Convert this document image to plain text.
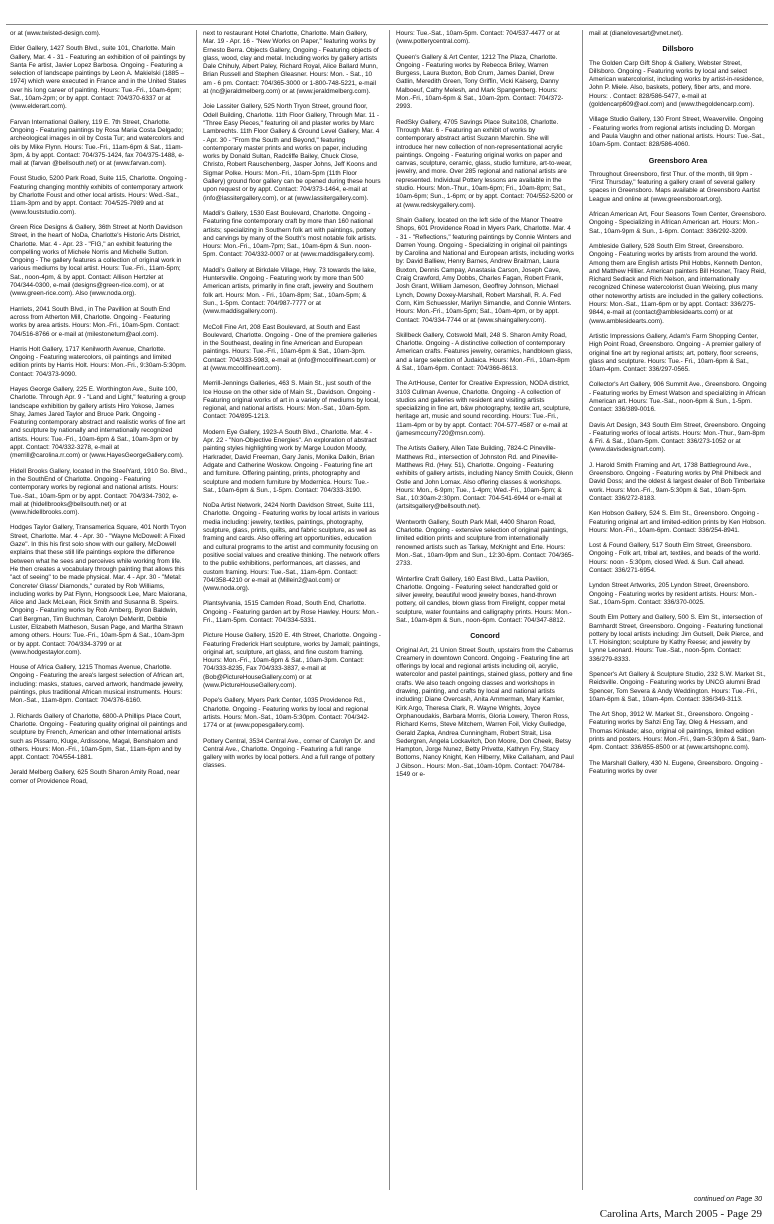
or at (www.twisted-design.com).

Elder Gallery, 1427 South Blvd., suite 101, Charlotte. Main Gallery, Mar. 4 - 31 - Featuring an exhibition of oil paintings by Santa Fe artist, Javier Lopez Barbosa. Ongoing - Featuring a selection of landscape paintings by Leon A. Makielski (1885 – 1974) which were executed in France and in the United States over his long career of painting. Hours: Tue.-Fri., 10am-6pm; Sat., 10am-2pm; or by appt. Contact: 704/370-6337 or at (www.elderart.com).

Farvan International Gallery, 119 E. 7th Street, Charlotte. Ongoing - Featuring paintings by Rosa Maria Costa Delgado; archeological images in oil by Costa Tur; and watercolors and oils by Mike Flynn. Hours: Tue.-Fri., 11am-6pm & Sat., 11am-3pm, & by appt. Contact: 704/375-1424, fax 704/375-1488, e-mail at (farvan @bellsouth.net) or at (www.farvan.com).

Foust Studio, 5200 Park Road, Suite 115, Charlotte. Ongoing - Featuring changing monthly exhibits of contemporary artwork by Charlotte Foust and other local artists. Hours: Wed.-Sat., 11am-3pm and by appt. Contact: 704/525-7989 and at (www.fouststudio.com).

Green Rice Designs & Gallery, 36th Street at North Davidson Street, in the heart of NoDa, Charlotte's Historic Arts District, Charlotte. Mar. 4 - Apr. 23 - "FIG," an exhibit featuring the compelling works of Michele Norris and Michelle Sutton. Ongoing - The gallery features a collection of original work in various mediums by local artist. Hours: Tue.-Fri., 11am-5pm; Sat., noon-4pm, & by appt. Contact: Allison Hertzler at 704/344-0300, e-mail (designs@green-rice.com), or at (www.green-rice.com). Also (www.noda.org).

Harriets, 2041 South Blvd., in The Pavillion at South End across from Atherton Mill, Charlotte. Ongoing - Featuring works by area artists. Hours: Mon.-Fri., 10am-5pm. Contact: 704/516-8766 or e-mail at (milestoneturn@aol.com).

Harris Holt Gallery, 1717 Kenilworth Avenue, Charlotte. Ongoing - Featuring watercolors, oil paintings and limited edition prints by Harris Holt. Hours: Mon.-Fri., 9:30am-5:30pm. Contact: 704/373-9090.

Hayes George Gallery, 225 E. Worthington Ave., Suite 100, Charlotte. Through Apr. 9 - "Land and Light," featuring a group landscape exhibition by gallery artists Hiro Yokose, James Shay, James Jared Taylor and Bruce Park. Ongoing - Featuring contemporary abstract and realistic works of fine art and sculpture by nationally and internationally recognized artists. Hours: Tue.-Fri., 10am-6pm & Sat., 10am-3pm or by appt. Contact: 704/332-3278, e-mail at (merrill@carolina.rr.com) or (www.HayesGeorgeGallery.com).

Hidell Brooks Gallery, located in the SteelYard, 1910 So. Blvd., in the SouthEnd of Charlotte. Ongoing - Featuring contemporary works by regional and national artists. Hours: Tue.-Sat., 10am-5pm or by appt. Contact: 704/334-7302, e-mail at (hidellbrooks@bellsouth.net) or at (www.hidellbrooks.com).

Hodges Taylor Gallery, Transamerica Square, 401 North Tryon Street, Charlotte. Mar. 4 - Apr. 30 - "Wayne McDowell: A Fixed Gaze". In this his first solo show with our gallery, McDowell explains that these still life paintings explore the difference between what he sees and perceives while working from life. He then creates a vocabulary through painting that allows this "act of seeing" to be made physical. Mar. 4 - Apr. 30 - "Metal: Concrete/ Glass/ Diamonds," curated by Rob Williams, including works by Pat Flynn, Hongsoock Lee, Marc Maiorana, Alice and Jack McLean, Rick Smith and Susanna B. Speirs. Ongoing - Featuring works by Rob Amberg, Byron Baldwin, Carl Bergman, Tim Buchman, Carolyn DeMeritt, Debbie Luster, Elizabeth Matheson, Susan Page, and Martha Strawn among others. Hours: Tue.-Fri., 10am-5pm & Sat., 10am-3pm or by appt. Contact: 704/334-3799 or at (www.hodgestaylor.com).

House of Africa Gallery, 1215 Thomas Avenue, Charlotte. Ongoing - Featuring the area's largest selection of African art, including: masks, statues, carved artwork, handmade jewelry, paintings, plus traditional African musical instruments. Hours: Mon.-Sat., 11am-8pm. Contact: 704/376-6160.

J. Richards Gallery of Charlotte, 6800-A Phillips Place Court, Charlotte. Ongoing - Featuring quality original oil paintings and sculpture by French, American and other International artists such as Pissarro, Kluge, Ardissone, Magal, Benshalom and others. Hours: Mon.-Fri., 10am-5pm, Sat., 11am-6pm and by appt. Contact: 704/554-1881.

Jerald Melberg Gallery, 625 South Sharon Amity Road, near corner of Providence Road,

next to restaurant Hotel Charlotte, Charlotte. Main Gallery, Mar. 19 - Apr. 16 - "New Works on Paper," featuring works by Ernesto Berra. Objects Gallery, Ongoing - Featuring objects of glass, wood, clay and metal. Including works by gallery artists Dale Chihuly, Albert Paley, Richard Royal, Alice Ballard Munn, Brian Russell and Stephen Gleasner. Hours: Mon. - Sat., 10 am - 6 pm. Contact: 704/365-3000 or 1-800-748-5221, e-mail at (nc@jeraldmelberg.com) or at (www.jeraldmelberg.com).

Joie Lassiter Gallery, 525 North Tryon Street, ground floor, Odell Building, Charlotte. 11th Floor Gallery, Through Mar. 11 - "Three Easy Pieces," featuring oil and plaster works by Marc Lambrechts. 11th Floor Gallery & Ground Level Gallery, Mar. 4 - Apr. 30 - "From the South and Beyond," featuring contemporary master prints and works on paper, including works by Donald Sultan, Radcliffe Bailey, Chuck Close, Christo, Robert Rauschenberg, Jasper Johns, Jeff Koons and Sigmar Polke. Hours: Mon.-Fri., 10am-5pm (11th Floor Gallery) ground floor gallery can be opened during these hours upon request or by appt. Contact: 704/373-1464, e-mail at (info@lassitergallery.com), or at (www.lassitergallery.com).

Maddi's Gallery, 1530 East Boulevard, Charlotte. Ongoing - Featuring fine contemporary craft by more than 160 national artists; specializing in Southern folk art with paintings, pottery and carvings by many of the South's most notable folk artists. Hours: Mon.-Fri., 10am-7pm; Sat., 10am-6pm & Sun. noon-5pm. Contact: 704/332-0007 or at (www.maddisgallery.com).

Maddi's Gallery at Birkdale Village, Hwy. 73 towards the lake, Huntersville. Ongoing - Featuring work by more than 500 American artists, primarily in fine craft, jewelry and Southern folk art. Hours: Mon. - Fri., 10am-8pm; Sat., 10am-5pm; & Sun., 1-5pm. Contact: 704/987-7777 or at (www.maddisgallery.com).

McColl Fine Art, 208 East Boulevard, at South and East Boulevard, Charlotte. Ongoing - One of the premiere galleries in the Southeast, dealing in fine American and European paintings. Hours: Tue.-Fri., 10am-6pm & Sat., 10am-3pm. Contact: 704/333-5983, e-mail at (info@mccollfineart.com) or at (www.mccollfineart.com).

Merrill-Jennings Galleries, 463 S. Main St., just south of the Ice House on the other side of Main St., Davidson. Ongoing - Featuring original works of art in a variety of mediums by local, regional, and national artists. Hours: Mon.-Sat., 10am-5pm. Contact: 704/895-1213.

Modern Eye Gallery, 1923-A South Blvd., Charlotte. Mar. 4 - Apr. 22 - "Non-Objective Energies". An exploration of abstract painting styles highlighting work by Marge Loudon Moody, Harkrader, David Freeman, Gary Janis, Monika Dalkin, Brian Adgate and Catherine Woskow. Ongoing - Featuring fine art and furniture. Offering painting, prints, photography and sculpture and modern furniture by Modernica. Hours: Tue.-Sat., 10am-6pm & Sun., 1-5pm. Contact: 704/333-3190.

NoDa Artist Network, 2424 North Davidson Street, Suite 111, Charlotte. Ongoing - Featuring works by local artists in various media including: jewelry, textiles, paintings, photography, sculpture, glass, prints, quilts, and fabric sculpture, as well as framing and cards. Also offering art opportunities, education and cultural programs to the artist and community focusing on positive social values and creative thinking. The network offers to the public exhibitions, performances, art classes, and custom framing. Hours: Tue.-Sat., 11am-6pm. Contact: 704/358-4210 or e-mail at (Millein2@aol.com) or (www.noda.org).

Plantsylvania, 1515 Camden Road, South End, Charlotte. Ongoing - Featuring garden art by Rose Hawley. Hours: Mon.-Fri., 11am-5pm. Contact: 704/334-5331.

Picture House Gallery, 1520 E. 4th Street, Charlotte. Ongoing - Featuring Frederick Hart sculpture, works by Jamali; paintings, original art, sculpture, art glass, and fine custom framing. Hours: Mon.-Fri., 10am-6pm & Sat., 10am-3pm. Contact: 704/333-8235, Fax 704/333-3837, e-mail at (Bob@PictureHouseGallery.com) or at (www.PictureHouseGallery.com).

Pope's Gallery, Myers Park Center, 1035 Providence Rd., Charlotte. Ongoing - Featuring works by local and regional artists. Hours: Mon.-Sat., 10am-5:30pm. Contact: 704/342-1774 or at (www.popesgallery.com).

Pottery Central, 3534 Central Ave., corner of Carolyn Dr. and Central Ave., Charlotte. Ongoing - Featuring a full range gallery with works by local potters. And a full range of pottery classes.

Hours: Tue.-Sat., 10am-5pm. Contact: 704/537-4477 or at (www.potterycentral.com).

Queen's Gallery & Art Center, 1212 The Plaza, Charlotte. Ongoing - Featuring works by Rebecca Briley, Warren Burgess, Laura Buxton, Bob Crum, James Daniel, Drew Gatlin, Meredith Green, Tony Griffin, Vicki Kaiserg, Danny Malboeuf, Cathy Melesh, and Mark Spangenberg. Hours: Mon.-Fri., 10am-6pm & Sat., 10am-2pm. Contact: 704/372-2993.

RedSky Gallery, 4705 Savings Place Suite108, Charlotte. Through Mar. 6 - Featuring an exhibit of works by contemporary abstract artist Suzann Marchin. She will introduce her new collection of non-representational acrylic paintings. Ongoing - Featuring original works on paper and canvas, sculpture, ceramic, glass, studio furniture, art-to-wear, jewelry, and more. Over 285 regional and national artists are represented. Individual Pottery lessons are available in the studio. Hours: Mon.-Thur., 10am-6pm; Fri., 10am-8pm; Sat., 10am-6pm; Sun., 1-6pm; or by appt. Contact: 704/552-5200 or at (www.redskygallery.com).

Shain Gallery, located on the left side of the Manor Theatre Shops, 601 Providence Road in Myers Park, Charlotte. Mar. 4 - 31 - "Reflections," featuring paintings by Connie Winters and Darren Young. Ongoing - Specializing in original oil paintings by Carolina and National and European artists, including works by: David Balliew, Henry Barnes, Andrew Braitman, Laura Buxton, Dennis Campay, Anastasia Carson, Joseph Cave, Craig Crawford, Amy Dobbs, Charles Fagan, Robert Frank, Josh Grant, William Jameson, Geoffrey Johnson, Michael Lynch, Downy Doxey-Marshall, Robert Marshall, R. A. Fed Corn, Kim Schuessler, Marilyn Simandle, and Connie Winters. Hours: Mon.-Fri., 10am-5pm; Sat., 10am-4pm, or by appt. Contact: 704/334-7744 or at (www.shaingallery.com).

Skillbeck Gallery, Cotswold Mall, 248 S. Sharon Amity Road, Charlotte. Ongoing - A distinctive collection of contemporary American crafts. Features jewelry, ceramics, handblown glass, and a large selection of Judaica. Hours: Mon.-Fri., 10am-8pm & Sat., 10am-6pm. Contact: 704/366-8613.

The ArtHouse, Center for Creative Expression, NODA district, 3103 Cullman Avenue, Charlotte. Ongoing - A collection of studios and galleries with resident and visiting artists specializing in fine art, b&w photography, textile art, sculpture, heritage art, music and sound recording. Hours: Tue.-Fri., 11am-4pm or by by appt. Contact: 704-577-4587 or e-mail at (jamesmccurry720@msn.com).

The Artists Gallery, Allen Tate Building, 7824-C Pineville-Matthews Rd., intersection of Johnston Rd. and Pineville-Matthews Rd. (Hwy. 51), Charlotte. Ongoing - Featuring exhibits of gallery artists, including Nancy Smith Couick, Glenn Ostle and John Lomax. Also offering classes & workshops. Hours: Mon., 6-9pm; Tue., 1-4pm; Wed.-Fri., 10am-5pm; & Sat., 10:30am-2:30pm. Contact: 704-541-6944 or e-mail at (artsitsgallery@bellsouth.net).

Wentworth Gallery, South Park Mall, 4400 Sharon Road, Charlotte. Ongoing - extensive selection of original paintings, limited edition prints and sculpture from internationally renowned artists such as Tarkay, McKnight and Erte. Hours: Mon.-Sat., 10am-9pm and Sun., 12:30-6pm. Contact: 704/365-2733.

Winterfire Craft Gallery, 160 East Blvd., Latta Pavilion, Charlotte. Ongoing - Featuring select handcrafted gold or silver jewelry, beautiful wood jewelry boxes, hand-thrown pottery, oil candles, blown glass from Firelight, copper metal sculpture, water fountains and calligraphy prints. Hours: Mon.-Sat., 10am-8pm & Sun., noon-6pm. Contact: 704/347-8812.

Concord

Original Art, 21 Union Street South, upstairs from the Cabarrus Creamery in downtown Concord. Ongoing - Featuring fine art offerings by local and regional artists including oil, acrylic, watercolor and pastel paintings, stained glass, pottery and fine crafts. We also teach ongoing classes and workshops in drawing, painting, and crafts by local and national artists including: Diane Overcash, Anita Ammerman, Mary Kamler, Kirk Argo, Theresa Clark, R. Wayne Wrights, Joyce Orphanoudakis, Barbara Morris, Gloria Lowery, Theron Ross, Richard Kerns, Steve Mitchem, Warren Foil, Vicky Gulledge, Gerald Zapka, Andrea Cunningham, Robert Strait, Lisa Sedergren, Angela Lockavitch, Don Moore, Don Cheek, Betsy Hampton, Jorge Nunez, Betty Privette, Kathryn Fry, Stacy Bottoms, Nancy Knight, Ken Hilberry, Mike Callaham, and Paul J Gibson.. Hours: Mon.-Sat.,10am-10pm. Contact: 704/784-1549 or e-

mail at (dianelovesart@vnet.net).

Dillsboro

The Golden Carp Gift Shop & Gallery, Webster Street, Dillsboro. Ongoing - Featuring works by local and select American watercolorist, including works by artist-in-residence, John P. Miele. Also, baskets, pottery, fiber arts, and more. Hours: . Contact: 828/586-5477, e-mail at (goldencarp609@aol.com) and (www.thegoldencarp.com).

Village Studio Gallery, 130 Front Street, Weaverville. Ongoing - Featuring works from regional artists including D. Morgan and Paula Vaughn and other national artists. Hours: Tue.-Sat., 10am-5pm. Contact: 828/586-4060.

Greensboro Area

Throughout Greensboro, first Thur. of the month, till 9pm - "First Thursday," featuring a gallery crawl of several gallery spaces in Greensboro. Maps available at Greensboro Aartist League and online at (www.greensboroart.org).

African American Art, Four Seasons Town Center, Greensboro. Ongoing - Specializing in African American art. Hours: Mon.-Sat., 10am-9pm & Sun., 1-6pm. Contact: 336/292-3209.

Ambleside Gallery, 528 South Elm Street, Greensboro. Ongoing - Featuring works by artists from around the world. Among them are English artists Phil Hobbs, Kenneth Denton, and Matthew Hillier. American painters Bill Hosner, Tracy Reid, Richard Sedlack and Rich Nelson, and internationally recognized Chinese watercolorist Guan Weixing, plus many other noteworthy artists are included in the gallery collections. Hours: Mon.-Sat., 11am-6pm or by appt. Contact: 336/275-9844, e-mail at (contact@amblesidearts.com) or at (www.amblesidearts.com).

Artistic Impressions Gallery, Adam's Farm Shopping Center, High Point Road, Greensboro. Ongoing - A premier gallery of original fine art by regional artists; art, pottery, floor screens, glass and sculpture. Hours: Tue.- Fri., 10am-6pm & Sat., 10am-4pm. Contact: 336/297-0565.

Collector's Art Gallery, 906 Summit Ave., Greensboro. Ongoing - Featuring works by Ernest Watson and specializing in African American art. Hours: Tue.-Sat., noon-6pm & Sun., 1-5pm. Contact: 336/389-0016.

Davis Art Design, 343 South Elm Street, Greensboro. Ongoing - Featuring works of local artists. Hours: Mon.-Thur., 9am-8pm & Fri. & Sat., 10am-5pm. Contact: 336/273-1052 or at (www.davisdesignart.com).

J. Harold Smith Framing and Art, 1738 Battleground Ave., Greensboro. Ongoing - Featuring works by Phil Philbeck and David Doss; and the oldest & largest dealer of Bob Timberlake work. Hours: Mon.-Fri., 9am-5:30pm & Sat., 10am-5pm. Contact: 336/272-8183.

Ken Hobson Gallery, 524 S. Elm St., Greensboro. Ongoing - Featuring original art and limited-edition prints by Ken Hobson. Hours: Mon.-Fri., 10am-6pm. Contact: 336/254-8941.

Lost & Found Gallery, 517 South Elm Street, Greensboro. Ongoing - Folk art, tribal art, textiles, and beads of the world. Hours: noon - 5:30pm, closed Wed. & Sun. Call ahead. Contact: 336/271-6954.

Lyndon Street Artworks, 205 Lyndon Street, Greensboro. Ongoing - Featuring works by resident artists. Hours: Mon.-Sat., 10am-5pm. Contact: 336/370-0025.

South Elm Pottery and Gallery, 500 S. Elm St., intersection of Barnhardt Street, Greensboro. Ongoing - Featuring functional pottery by local artists including: Jim Gutsell, Deik Pierce, and I.T. Hoisington; sculpture by Kathy Reese; and jewelry by Lynne Leonard. Hours: Tue.-Sat., noon-5pm. Contact: 336/279-8333.

Spencer's Art Gallery & Sculpture Studio, 232 S.W. Market St., Reidsville. Ongoing - Featuring works by UNCG alumni Brad Spencer, Tom Severa & Andy Weddington. Hours: Tue.-Fri., 10am-6pm & Sat., 10am-4pm. Contact: 336/349-3113.

The Art Shop, 3912 W. Market St., Greensboro. Ongoing - Featuring works by Sahzi Eng Tay, Oleg & Hessam, and Thomas Kinkade; also, original oil paintings, limited edition prints and posters. Hours: Mon.-Fri., 9am-5:30pm & Sat., 9am-4pm. Contact: 336/855-8500 or at (www.artshopnc.com).

The Marshall Gallery, 430 N. Eugene, Greensboro. Ongoing - Featuring works by over

continued on Page 30
Carolina Arts, March 2005 - Page 29
